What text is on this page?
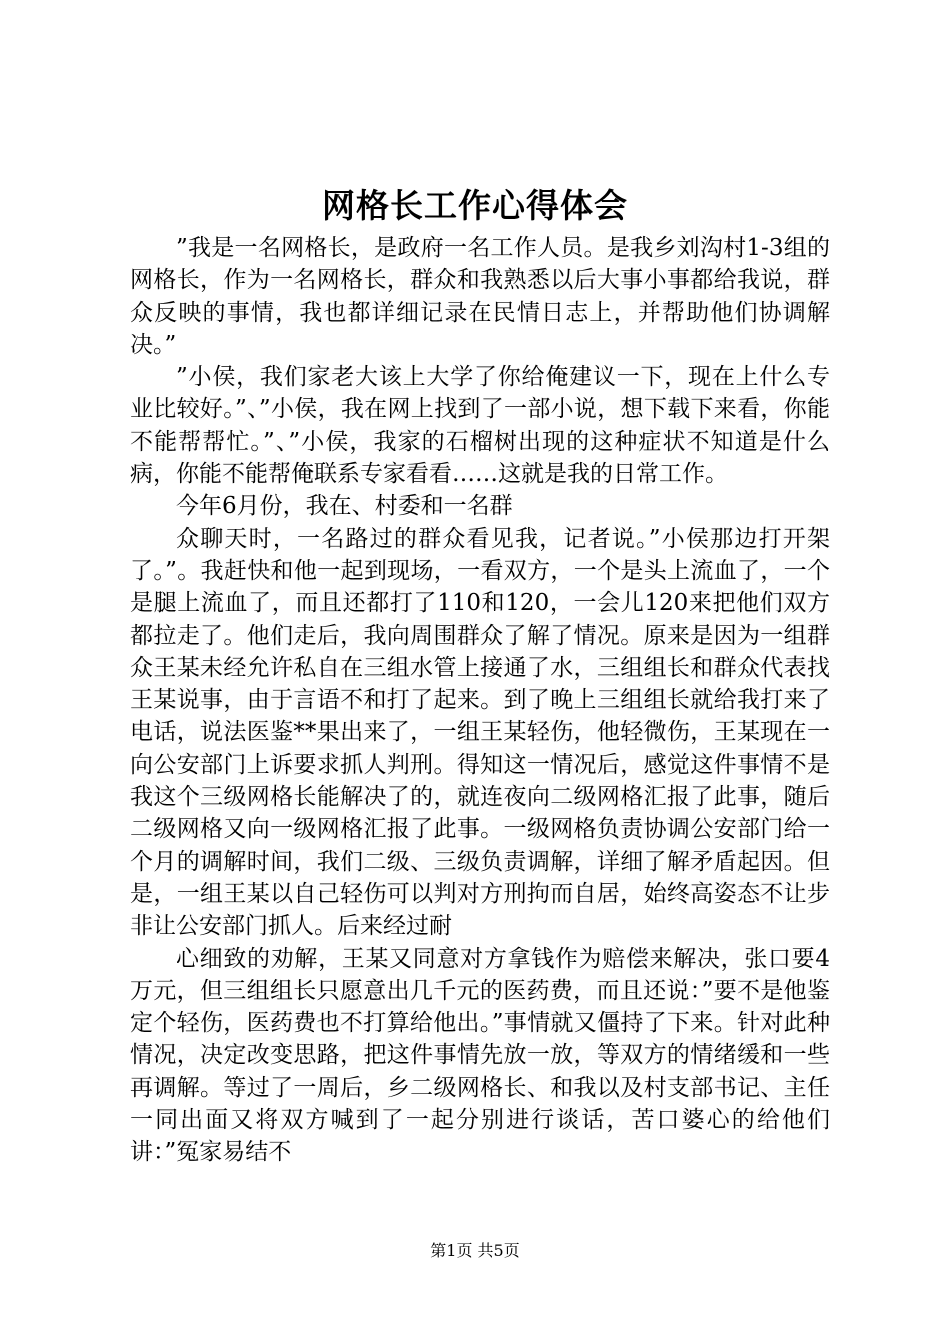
网格长工作心得体会

”我是一名网格长，是政府一名工作人员。是我乡刘沟村1-3组的网格长，作为一名网格长，群众和我熟悉以后大事小事都给我说，群众反映的事情，我也都详细记录在民情日志上，并帮助他们协调解决。”

”小侯，我们家老大该上大学了你给俺建议一下，现在上什么专业比较好。”、”小侯，我在网上找到了一部小说，想下载下来看，你能不能帮帮忙。”、”小侯，我家的石榴树出现的这种症状不知道是什么病，你能不能帮俺联系专家看看……这就是我的日常工作。

今年6月份，我在、村委和一名群

众聊天时，一名路过的群众看见我，记者说。”小侯那边打开架了。”。我赶快和他一起到现场，一看双方，一个是头上流血了，一个是腿上流血了，而且还都打了110和120，一会儿120来把他们双方都拉走了。他们走后，我向周围群众了解了情况。原来是因为一组群众王某未经允许私自在三组水管上接通了水，三组组长和群众代表找王某说事，由于言语不和打了起来。到了晚上三组组长就给我打来了电话，说法医鉴**果出来了，一组王某轻伤，他轻微伤，王某现在一向公安部门上诉要求抓人判刑。得知这一情况后，感觉这件事情不是我这个三级网格长能解决了的，就连夜向二级网格汇报了此事，随后二级网格又向一级网格汇报了此事。一级网格负责协调公安部门给一个月的调解时间，我们二级、三级负责调解，详细了解矛盾起因。但是，一组王某以自己轻伤可以判对方刑拘而自居，始终高姿态不让步非让公安部门抓人。后来经过耐

心细致的劝解，王某又同意对方拿钱作为赔偿来解决，张口要4万元，但三组组长只愿意出几千元的医药费，而且还说：”要不是他鉴定个轻伤，医药费也不打算给他出。”事情就又僵持了下来。针对此种情况，决定改变思路，把这件事情先放一放，等双方的情绪缓和一些再调解。等过了一周后，乡二级网格长、和我以及村支部书记、主任一同出面又将双方喊到了一起分别进行谈话，苦口婆心的给他们讲：”冤家易结不

第1页 共5页
